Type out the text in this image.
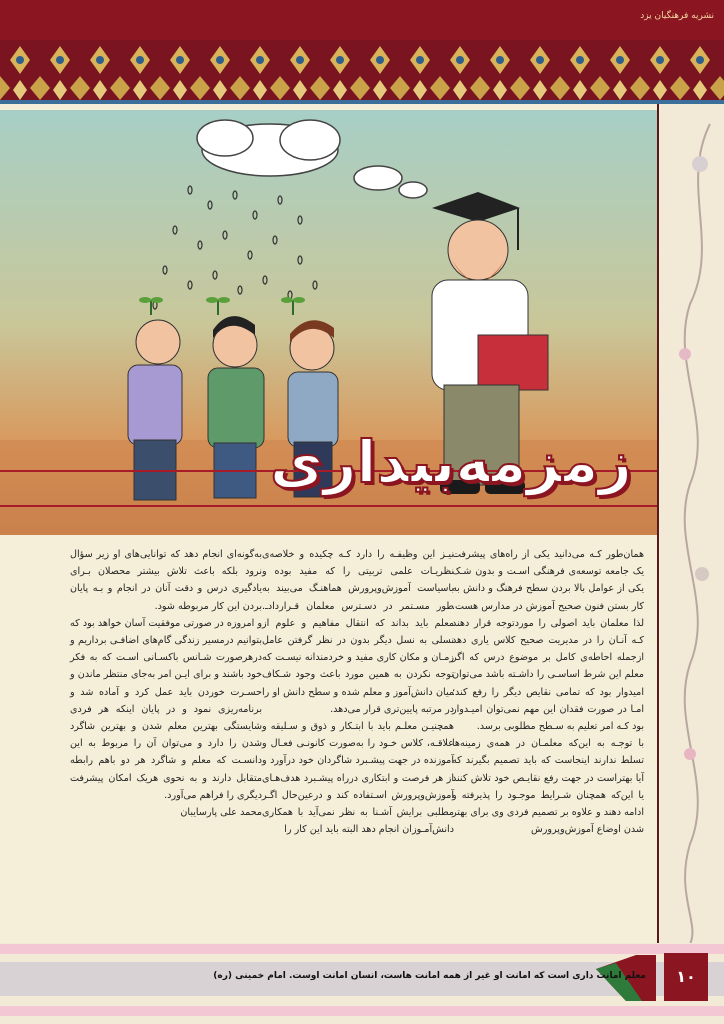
نشریه فرهنگیان یزد
زمزمه‌بیداری

همان‌طور کـه می‌دانید یکی از راه‌های پیشرفت یک جامعه توسعه‌ی فرهنگی اسـت و بدون شـک یکی از عوامل بالا بردن سطح فرهنگ و دانش به کار بستن فنون صحیح آموزش در مدارس هست. لذا معلمان باید اصولی را موردتوجه قرار دهند کـه آنـان را در مدیریت صحیح کلاس یاری دهد ازجمله احاطه‌ی کامل بر موضوع درس که اگر معلم این شرط اساسـی را داشـته باشد می‌توان امیدوار بود که تمامی نقایص دیگر را رفع کند؛ امـا در صورت فقدان این مهم نمی‌توان امیـدوار بود کـه امر تعلیم به سـطح مطلوبی برسد.

با توجـه به این‌که معلمـان در همه‌ی زمینه‌ها تسلط ندارند اینجاست که باید تصمیم بگیرند که آیا بهتراست در جهت رفع نقایـص خود تلاش کنند یا این‌که همچنان شـرایط موجـود را پذیرفته و ادامه دهند و علاوه بر تصمیم فردی وی برای بهتر شدن اوضاع آموزش‌وپرورش

نیـز این وظیفـه را دارد کـه چکیده و خلاصه‌ی نظریـات علمی تربیتی را که مفید بوده و باسیاست آموزش‌وپرورش هماهنـگ می‌بیند به طور مسـتمر در دسـترس معلمان قـراردادـ. معلم باید بداند که انتقال مفاهیم و علوم از نسلی به نسل دیگر بدون در نظر گرفتن عامل زمـان و مکان کاری مفید و خردمندانه نیسـت که توجه نکردن به همین مورد باعث وجود شـکاف میان دانش‌آموز و معلم شده و سطح دانش او را در مرتبه پایین‌تری قرار می‌دهد.

همچنیـن معلـم باید با ابتـکار و ذوق و سـلیقه و علاقـه، کلاس خـود را به‌صورت کانونـی فعـال و آموزنده در جهت پیشـبرد شاگردان خود درآورد و از هر فرصت و ابتکاری درراه پیشـبرد هدف‌هـای آموزش‌وپرورش اسـتفاده کند و درعین‌حال اگـر مطلبی برایش آشـنا به نظر نمی‌آید با همکاری دانش‌آمـوزان انجام دهد البته باید این کار را

به‌گونه‌ای انجام دهد که توانایی‌های او زیر سؤال نرود بلکه باعث تلاش بیشتر محصلان بـرای یادگیری درس و دقت آنان در انجام و بـه پایان بردن این کار مربوطه شود.

و امروزه در صورتی موفقیت آسان خواهد بود که بتوانیم درمسیر زندگی گام‌های اضافـی برداریم و درهرصورت شـانس باکسـانی اسـت که به فکر خود باشند و برای ایـن امر به‌جای منتظر ماندن و حسـرت خوردن باید عمل کرد و آماده شد و برنامه‌ریزی نمود و در پایان اینکه هر فردی شایستگی بهترین معلم شدن و بهترین شاگرد شدن را دارد و می‌توان آن را مربوط به این دانسـت که معلم و شاگرد هر دو باهم رابطه متقابل دارند و به نحوی هریک امکان پیشرفت دیگری را فراهم می‌آورد.

محمد علی پارسایبان

معلم امانت داری است که امانت او غیر از همه امانت هاست، انسان امانت اوست. امام خمینی (ره)	۱۰
